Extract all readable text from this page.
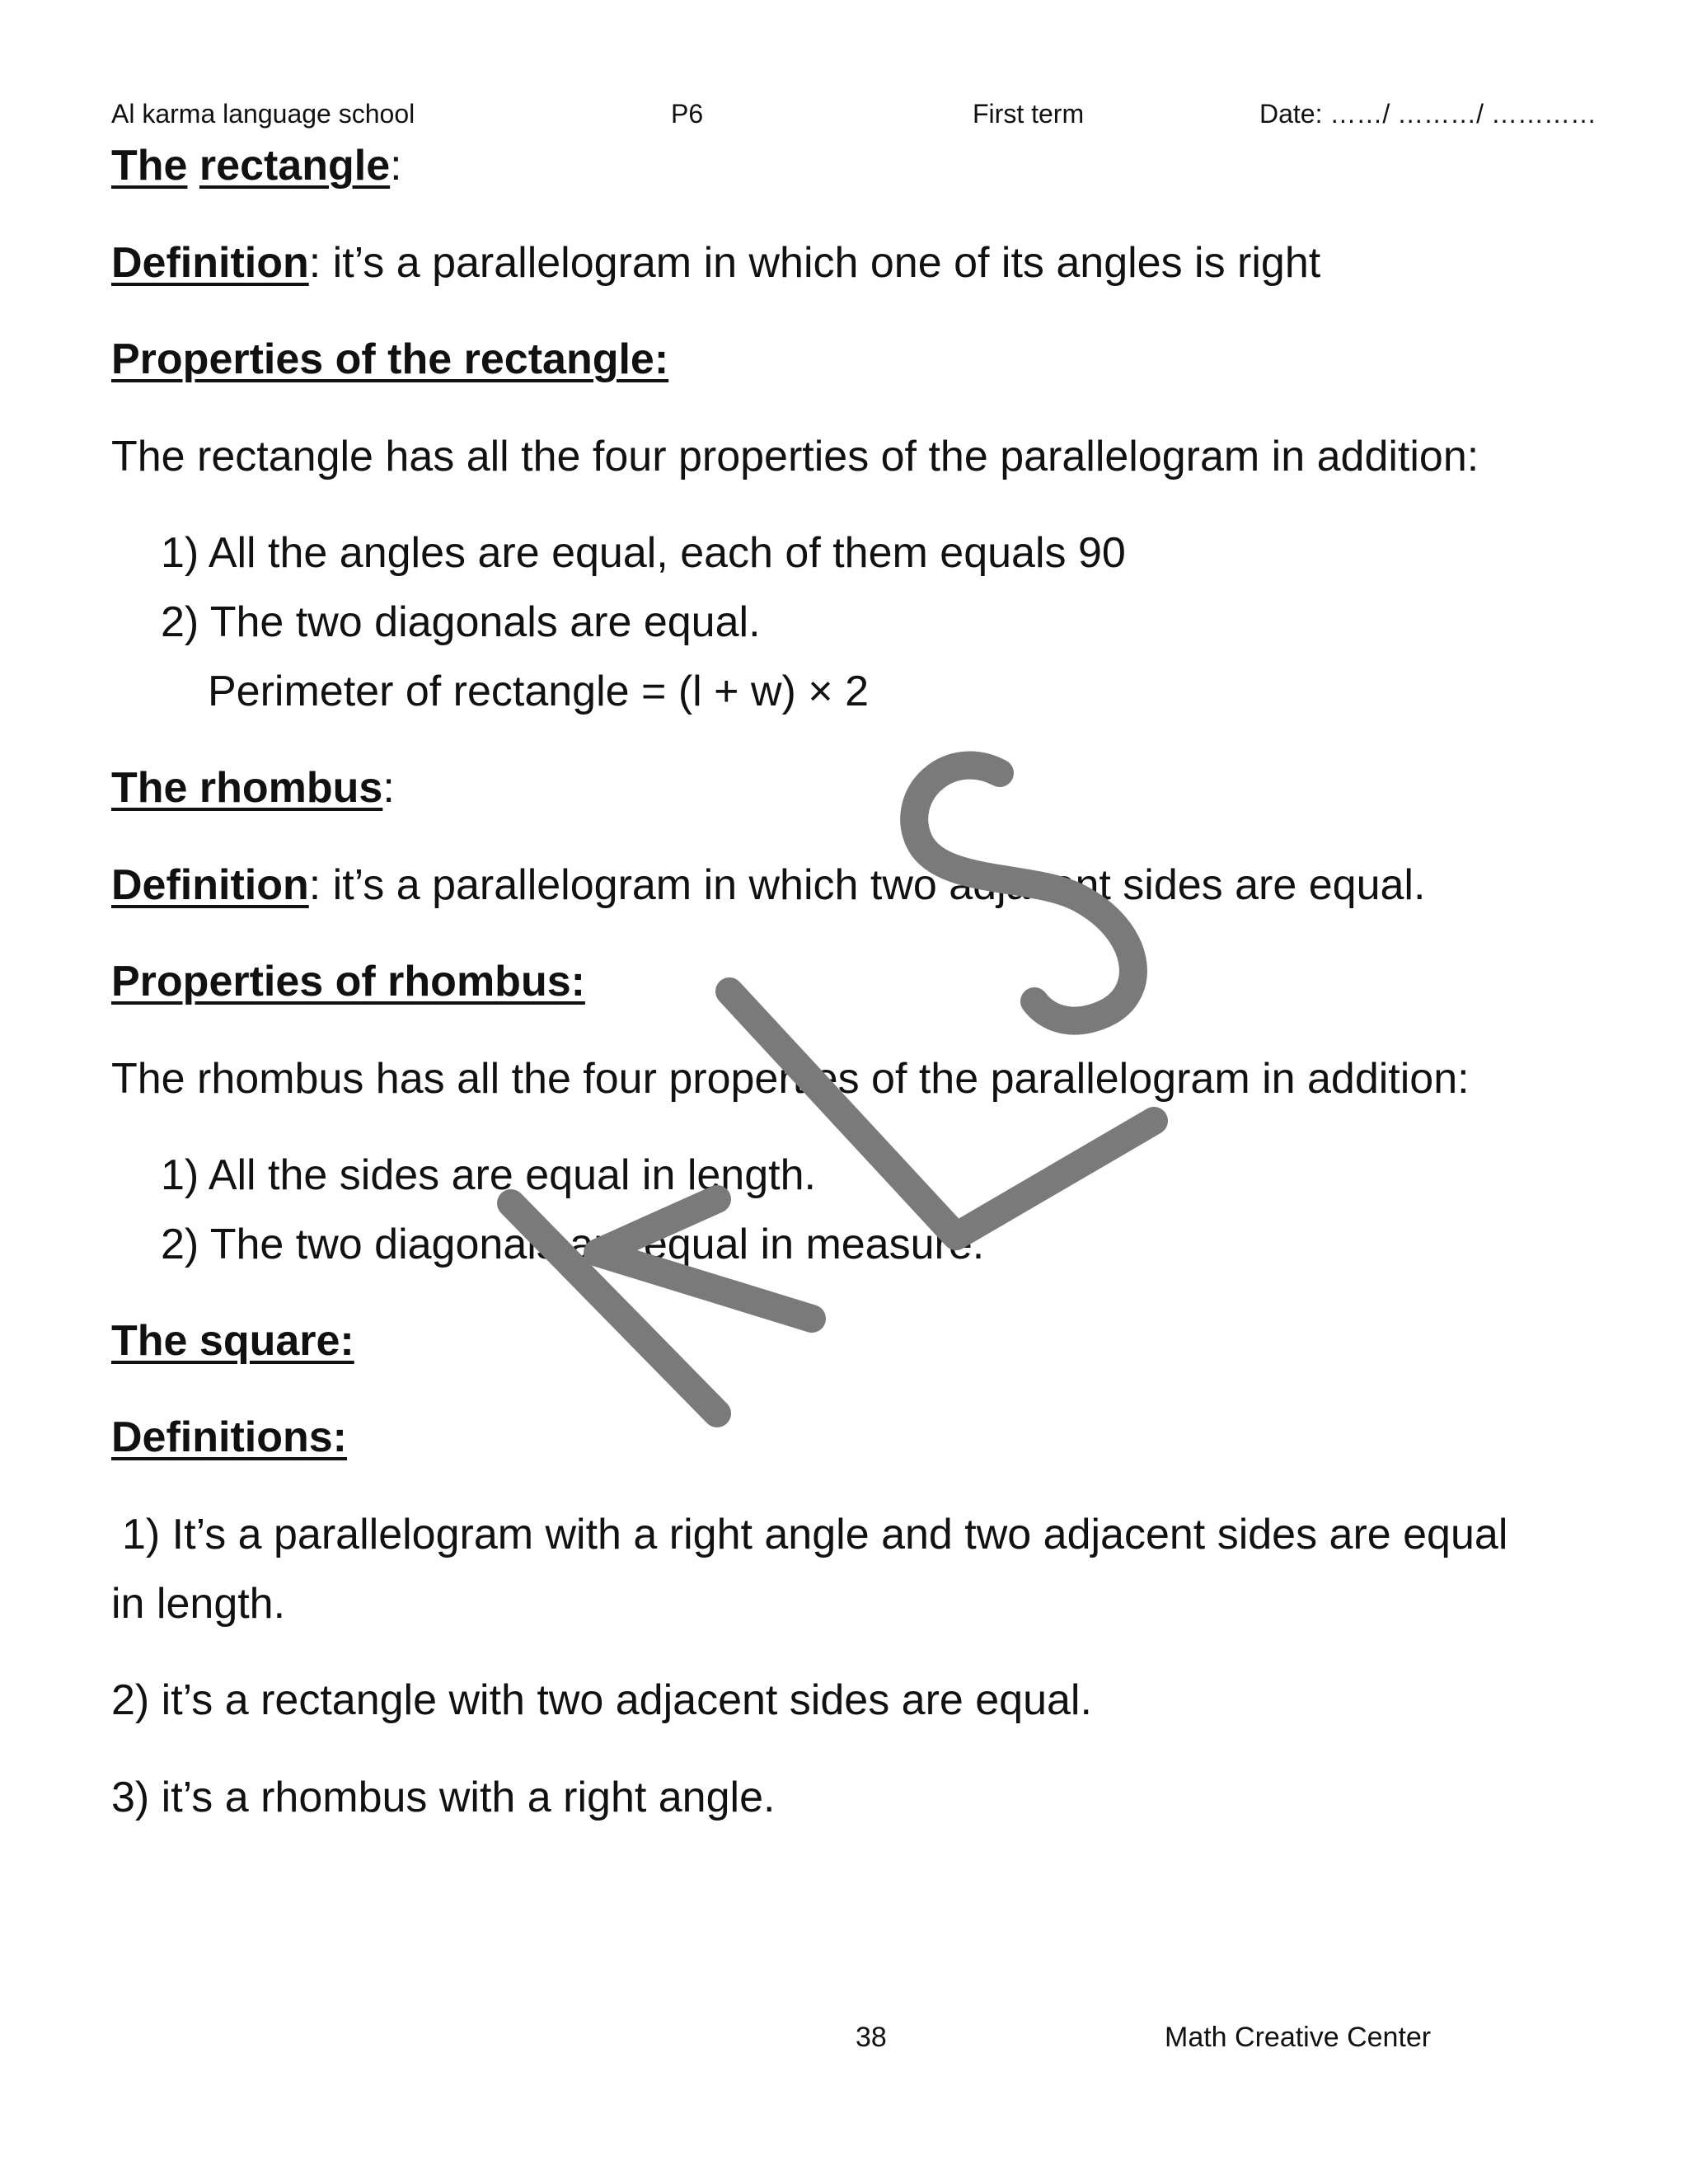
Al karma language school	P6	First term	Date: ……/ ………/ …………
The rectangle:
Definition: it’s a parallelogram in which one of its angles is right
Properties of the rectangle:
The rectangle has all the four properties of the parallelogram in addition:
1) All the angles are equal, each of them equals 90
2) The two diagonals are equal.
Perimeter of rectangle = (l + w) × 2
The rhombus:
Definition: it’s a parallelogram in which two adjacent sides are equal.
Properties of rhombus:
The rhombus has all the four properties of the parallelogram in addition:
1) All the sides are equal in length.
2) The two diagonals are equal in measure.
The square:
Definitions:
1) It’s a parallelogram with a right angle and two adjacent sides are equal
in length.
2) it’s a rectangle with two adjacent sides are equal.
3) it’s a rhombus with a right angle.
38	Math Creative Center
